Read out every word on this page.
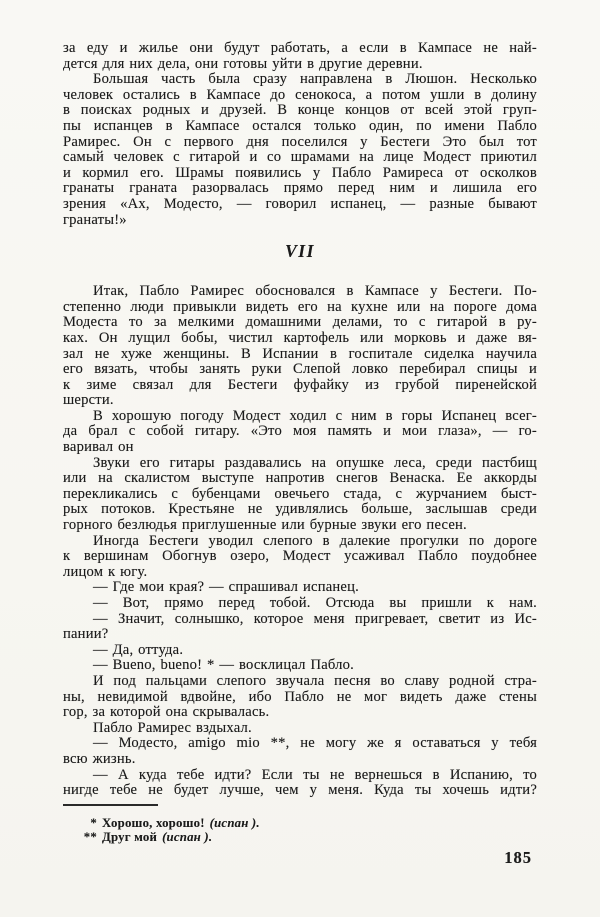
за еду и жилье они будут работать, а если в Кампасе не най-
дется для них дела, они готовы уйти в другие деревни.
Большая часть была сразу направлена в Люшон. Несколько
человек остались в Кампасе до сенокоса, а потом ушли в долину
в поисках родных и друзей. В конце концов от всей этой груп-
пы испанцев в Кампасе остался только один, по имени Пабло
Рамирес. Он с первого дня поселился у Бестеги Это был тот
самый человек с гитарой и со шрамами на лице Модест приютил
и кормил его. Шрамы появились у Пабло Рамиреса от осколков
гранаты граната разорвалась прямо перед ним и лишила его
зрения «Ах, Модесто, — говорил испанец, — разные бывают
гранаты!»
VII
Итак, Пабло Рамирес обосновался в Кампасе у Бестеги. По-
степенно люди привыкли видеть его на кухне или на пороге дома
Модеста то за мелкими домашними делами, то с гитарой в ру-
ках. Он лущил бобы, чистил картофель или морковь и даже вя-
зал не хуже женщины. В Испании в госпитале сиделка научила
его вязать, чтобы занять руки Слепой ловко перебирал спицы и
к зиме связал для Бестеги фуфайку из грубой пиренейской
шерсти.
В хорошую погоду Модест ходил с ним в горы Испанец всег-
да брал с собой гитару. «Это моя память и мои глаза», — го-
варивал он
Звуки его гитары раздавались на опушке леса, среди пастбищ
или на скалистом выступе напротив снегов Венаска. Ее аккорды
перекликались с бубенцами овечьего стада, с журчанием быст-
рых потоков. Крестьяне не удивлялись больше, заслышав среди
горного безлюдья приглушенные или бурные звуки его песен.
Иногда Бестеги уводил слепого в далекие прогулки по дороге
к вершинам Обогнув озеро, Модест усаживал Пабло поудобнее
лицом к югу.
— Где мои края? — спрашивал испанец.
— Вот, прямо перед тобой. Отсюда вы пришли к нам.
— Значит, солнышко, которое меня пригревает, светит из Ис-
пании?
— Да, оттуда.
— Bueno, bueno! * — восклицал Пабло.
И под пальцами слепого звучала песня во славу родной стра-
ны, невидимой вдвойне, ибо Пабло не мог видеть даже стены
гор, за которой она скрывалась.
Пабло Рамирес вздыхал.
— Модесто, amigo mio **, не могу же я оставаться у тебя
всю жизнь.
— А куда тебе идти? Если ты не вернешься в Испанию, то
нигде тебе не будет лучше, чем у меня. Куда ты хочешь идти?
* Хорошо, хорошо! (испан ).
** Друг мой (испан ).
185
